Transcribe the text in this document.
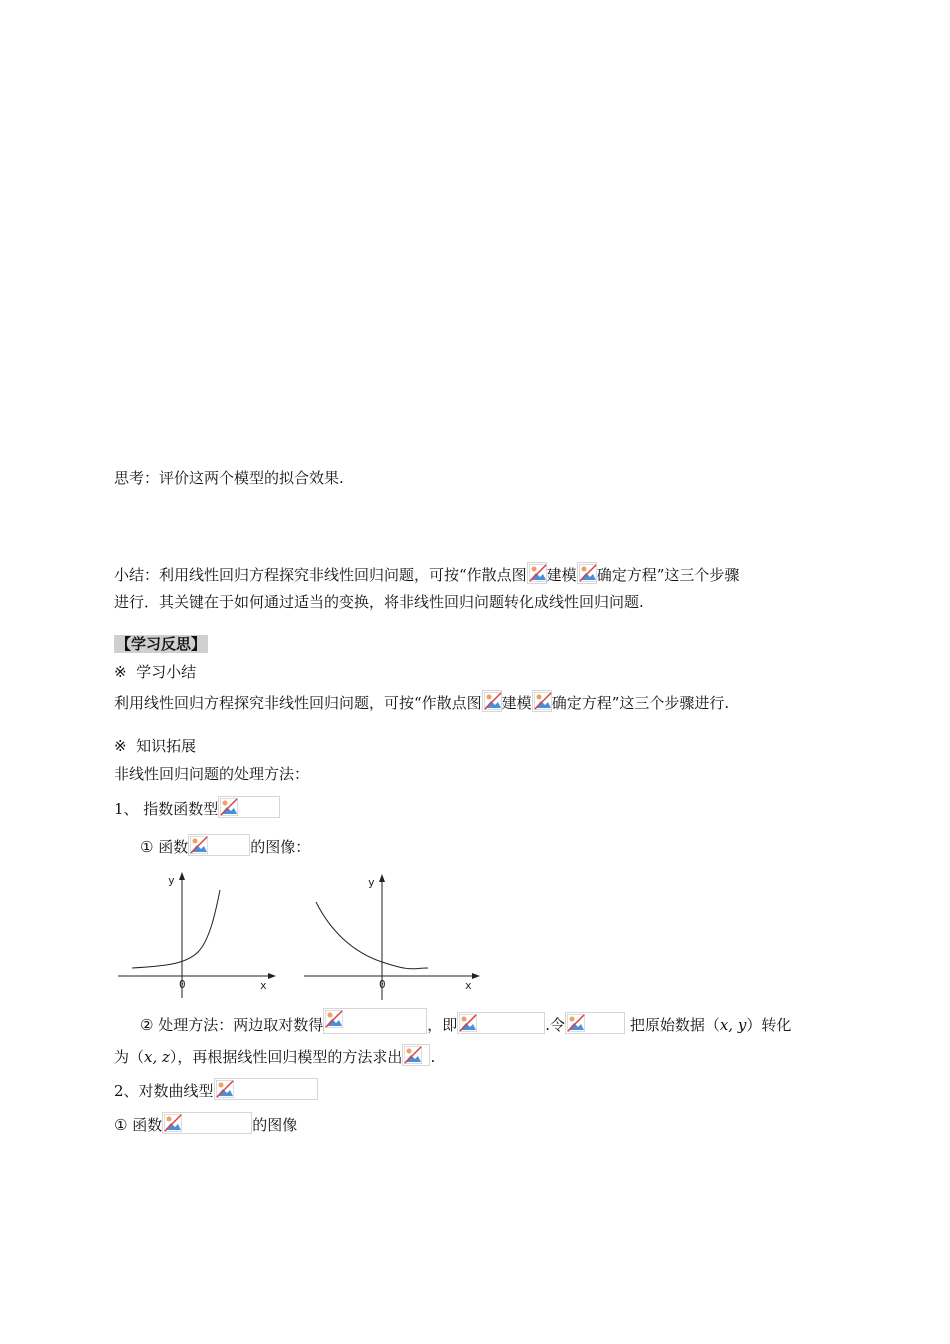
思考：评价这两个模型的拟合效果.
小结：利用线性回归方程探究非线性回归问题，可按“作散点图 建模 确定方程”这三个步骤
进行．其关键在于如何通过适当的变换，将非线性回归问题转化成线性回归问题.
【学习反思】
※ 学习小结
利用线性回归方程探究非线性回归问题，可按“作散点图 建模 确定方程”这三个步骤进行.
※ 知识拓展
非线性回归问题的处理方法：
1、 指数函数型
① 函数	的图像：
y
x
0
y
x
0
② 处理方法：两边取对数得	，即	.令	把原始数据（x, y）转化
为（x, z），再根据线性回归模型的方法求出 .
2、对数曲线型
① 函数	的图像
